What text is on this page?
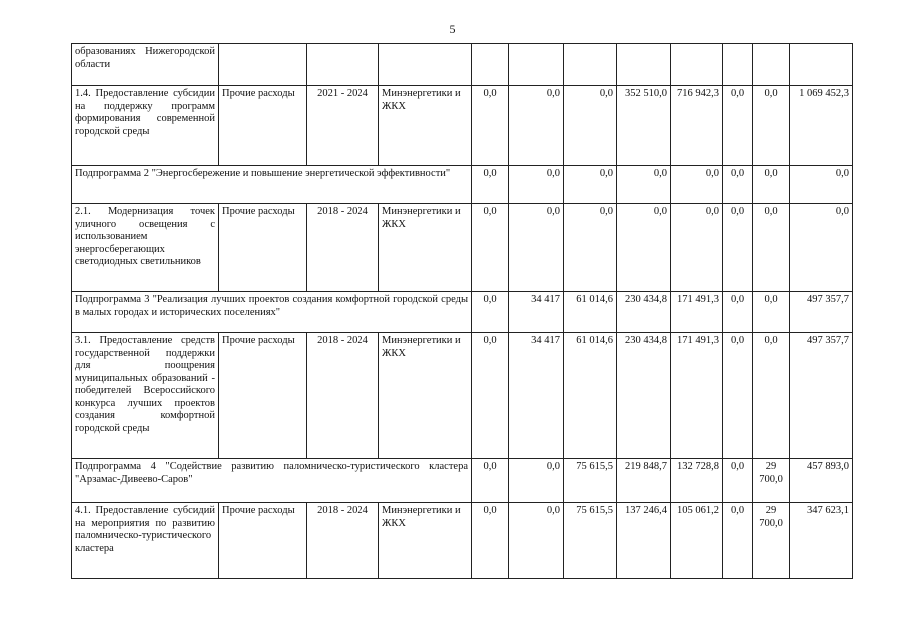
5
образованиях Нижегородской области											
1.4. Предоставление субсидии на поддержку программ формирования современной городской среды	Прочие расходы	2021 - 2024	Минэнергетики и ЖКХ	0,0	0,0	0,0	352 510,0	716 942,3	0,0	0,0	1 069 452,3
Подпрограмма 2 "Энергосбережение и повышение энергетической эффективности"				0,0	0,0	0,0	0,0	0,0	0,0	0,0	0,0
2.1. Модернизация точек уличного освещения с использованием энергосберегающих светодиодных светильников	Прочие расходы	2018 - 2024	Минэнергетики и ЖКХ	0,0	0,0	0,0	0,0	0,0	0,0	0,0	0,0
Подпрограмма 3 "Реализация лучших проектов создания комфортной городской среды в малых городах и исторических поселениях"				0,0	34 417	61 014,6	230 434,8	171 491,3	0,0	0,0	497 357,7
3.1. Предоставление средств государственной поддержки для поощрения муниципальных образований - победителей Всероссийского конкурса лучших проектов создания комфортной городской среды	Прочие расходы	2018 - 2024	Минэнергетики и ЖКХ	0,0	34 417	61 014,6	230 434,8	171 491,3	0,0	0,0	497 357,7
Подпрограмма 4 "Содействие развитию паломническо-туристического кластера "Арзамас-Дивеево-Саров"				0,0	0,0	75 615,5	219 848,7	132 728,8	0,0	29 700,0	457 893,0
4.1. Предоставление субсидий на мероприятия по развитию паломническо-туристического кластера	Прочие расходы	2018 - 2024	Минэнергетики и ЖКХ	0,0	0,0	75 615,5	137 246,4	105 061,2	0,0	29 700,0	347 623,1
